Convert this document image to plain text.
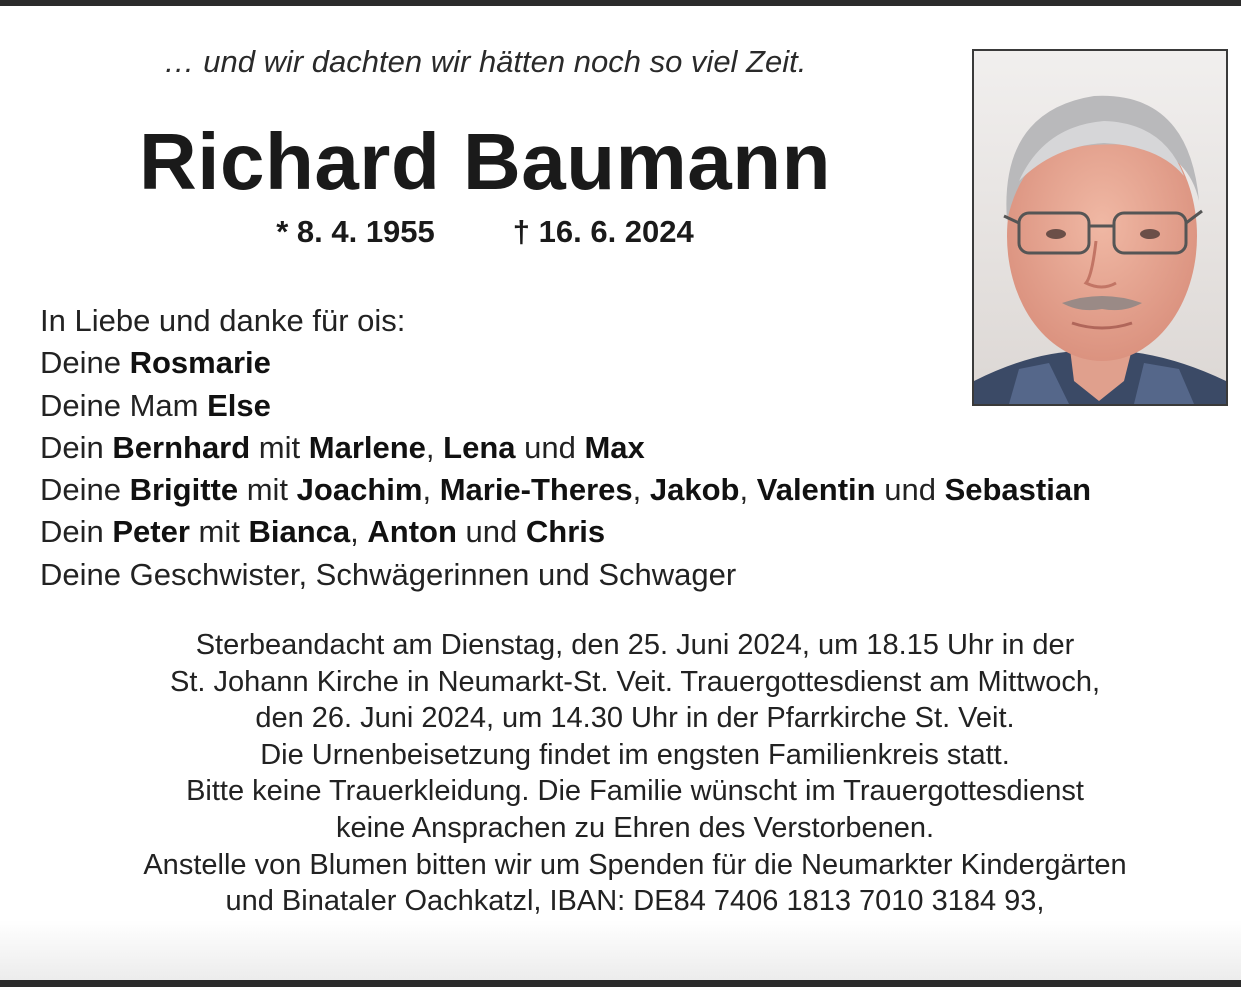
… und wir dachten wir hätten noch so viel Zeit.
Richard Baumann
* 8. 4. 1955	† 16. 6. 2024
In Liebe und danke für ois:
Deine Rosmarie
Deine Mam Else
Dein Bernhard mit Marlene, Lena und Max
Deine Brigitte mit Joachim, Marie-Theres, Jakob, Valentin und Sebastian
Dein Peter mit Bianca, Anton und Chris
Deine Geschwister, Schwägerinnen und Schwager
Sterbeandacht am Dienstag, den 25. Juni 2024, um 18.15 Uhr in der
St. Johann Kirche in Neumarkt-St. Veit. Trauergottesdienst am Mittwoch,
den 26. Juni 2024, um 14.30 Uhr in der Pfarrkirche St. Veit.
Die Urnenbeisetzung findet im engsten Familienkreis statt.
Bitte keine Trauerkleidung. Die Familie wünscht im Trauergottesdienst
keine Ansprachen zu Ehren des Verstorbenen.
Anstelle von Blumen bitten wir um Spenden für die Neumarkter Kindergärten
und Binataler Oachkatzl, IBAN: DE84 7406 1813 7010 3184 93,
